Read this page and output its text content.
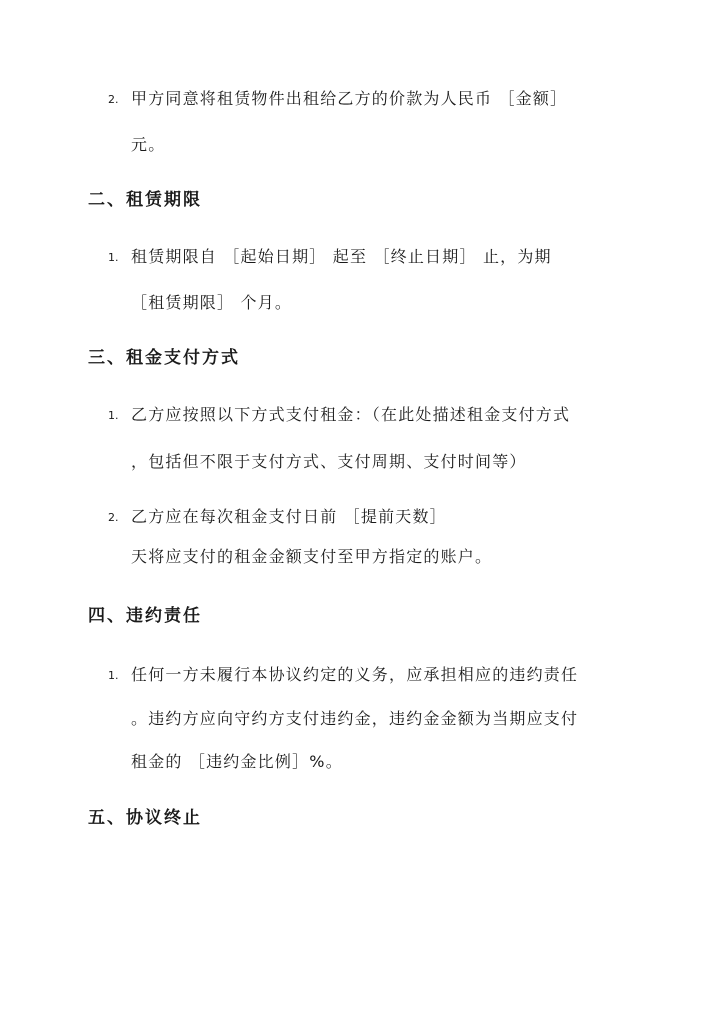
2. 甲方同意将租赁物件出租给乙方的价款为人民币 ［金额］
元。
二、租赁期限
1. 租赁期限自 ［起始日期］ 起至 ［终止日期］ 止，为期
［租赁期限］ 个月。
三、租金支付方式
1. 乙方应按照以下方式支付租金：（在此处描述租金支付方式
，包括但不限于支付方式、支付周期、支付时间等）
2. 乙方应在每次租金支付日前 ［提前天数］
天将应支付的租金金额支付至甲方指定的账户。
四、违约责任
1. 任何一方未履行本协议约定的义务，应承担相应的违约责任
。违约方应向守约方支付违约金，违约金金额为当期应支付
租金的 ［违约金比例］%。
五、协议终止
